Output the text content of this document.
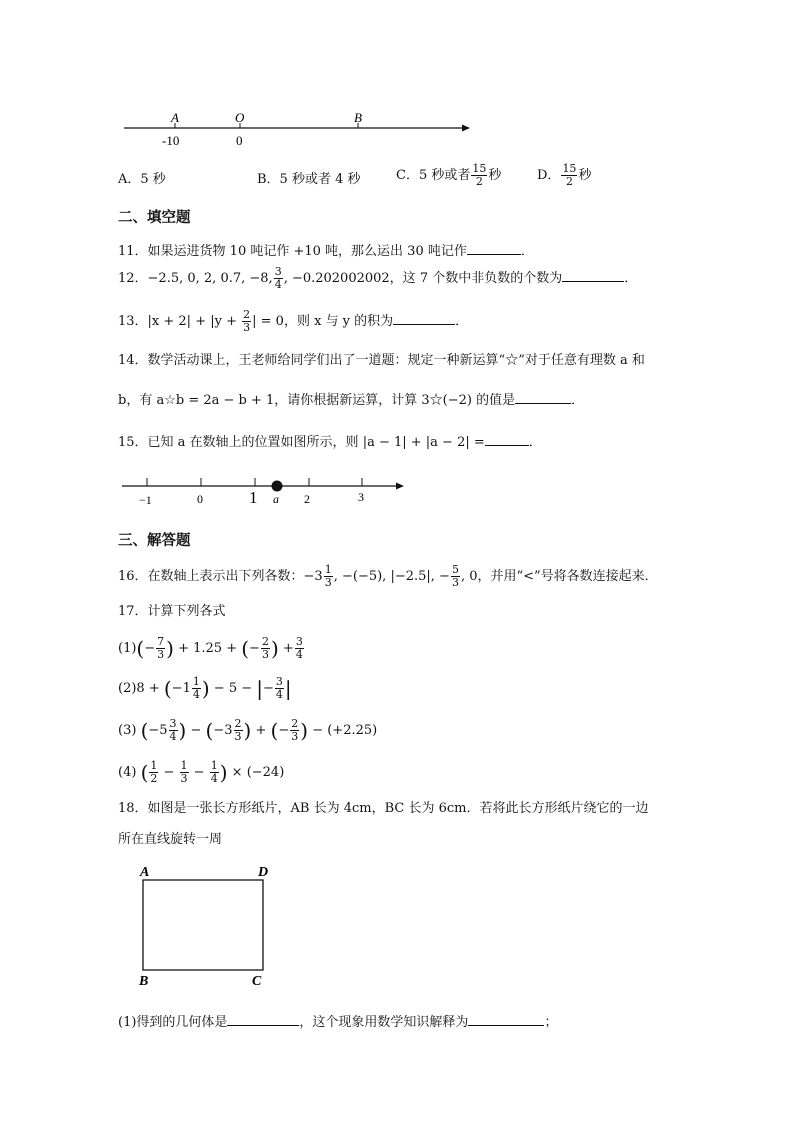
A	O	B
-10	0
A．5 秒	B．5 秒或者 4 秒	C．5 秒或者 $\frac{15}{2}$ 秒	D． $\frac{15}{2}$ 秒
二、填空题
11．如果运进货物 10 吨记作 +10 吨，那么运出 30 吨记作	．
12．−2.5, 0, 2, 0.7, −8, $\frac{3}{4}$ , −0.202002002，这 7 个数中非负数的个数为	．
13．$|x + 2| + |y + \frac{2}{3}$ | = 0，则 x 与 y 的积为	．
14．数学活动课上，王老师给同学们出了一道题：规定一种新运算“☆”对于任意有理数 a 和
b，有 a☆b = 2a − b + 1，请你根据新运算，计算 3☆(−2) 的值是	．
15．已知 a 在数轴上的位置如图所示，则 |a − 1| + |a − 2| =	．
−1	0	1 a 2	3
三、解答题
16．在数轴上表示出下列各数：$-3 \frac{1}{3}$ , −(−5), |−2.5|, − $\frac{5}{3}$ , 0，并用“<”号将各数连接起来．
17．计算下列各式
$(1)(- \frac{7}{3}$ ) + 1.25 + (− $\frac{2}{3}$ ) + $\frac{3}{4}$
$(2)8 + (-1 \frac{1}{4}$ ) − 5 − |− $\frac{3}{4}$ |
(3) ($-5 \frac{3}{4}$ ) − ($-3 \frac{2}{3}$ ) + (− $\frac{2}{3}$ ) − (+2.25)
(4) ( $\frac{1}{2} - \frac{1}{3} - \frac{1}{4}$ ) × (−24)
18．如图是一张长方形纸片，AB 长为 4cm，BC 长为 6cm．若将此长方形纸片绕它的一边
所在直线旋转一周
A	D
B	C
(1)得到的几何体是	，这个现象用数学知识解释为	；
